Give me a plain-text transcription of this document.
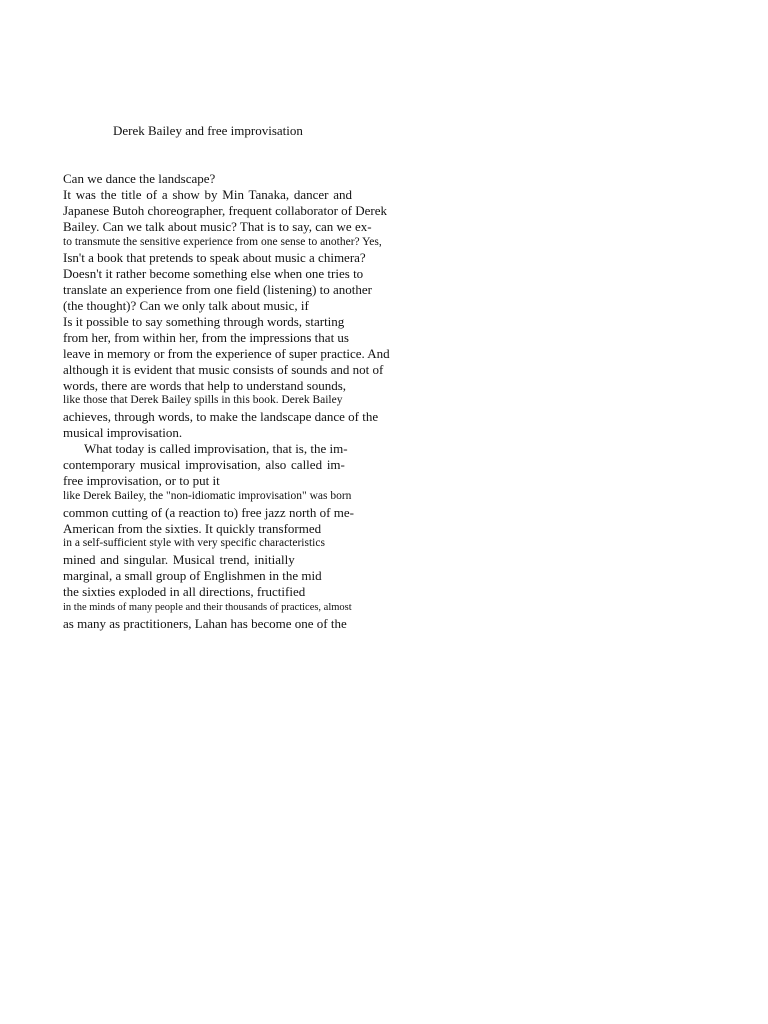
Derek Bailey and free improvisation
Can we dance the landscape?
It was the title of a show by Min Tanaka, dancer and
Japanese Butoh choreographer, frequent collaborator of Derek
Bailey. Can we talk about music? That is to say, can we ex-
to transmute the sensitive experience from one sense to another? Yes,
Isn't a book that pretends to speak about music a chimera?
Doesn't it rather become something else when one tries to
translate an experience from one field (listening) to another
(the thought)? Can we only talk about music, if
Is it possible to say something through words, starting
from her, from within her, from the impressions that us
leave in memory or from the experience of super practice. And
although it is evident that music consists of sounds and not of
words, there are words that help to understand sounds,
like those that Derek Bailey spills in this book. Derek Bailey
achieves, through words, to make the landscape dance of the
musical improvisation.
What today is called improvisation, that is, the im-
contemporary musical improvisation, also called im-
free improvisation, or to put it
like Derek Bailey, the "non-idiomatic improvisation" was born
common cutting of (a reaction to) free jazz north of me-
American from the sixties. It quickly transformed
in a self-sufficient style with very specific characteristics
mined and singular. Musical trend, initially
marginal, a small group of Englishmen in the mid
the sixties exploded in all directions, fructified
in the minds of many people and their thousands of practices, almost
as many as practitioners, Lahan has become one of the
